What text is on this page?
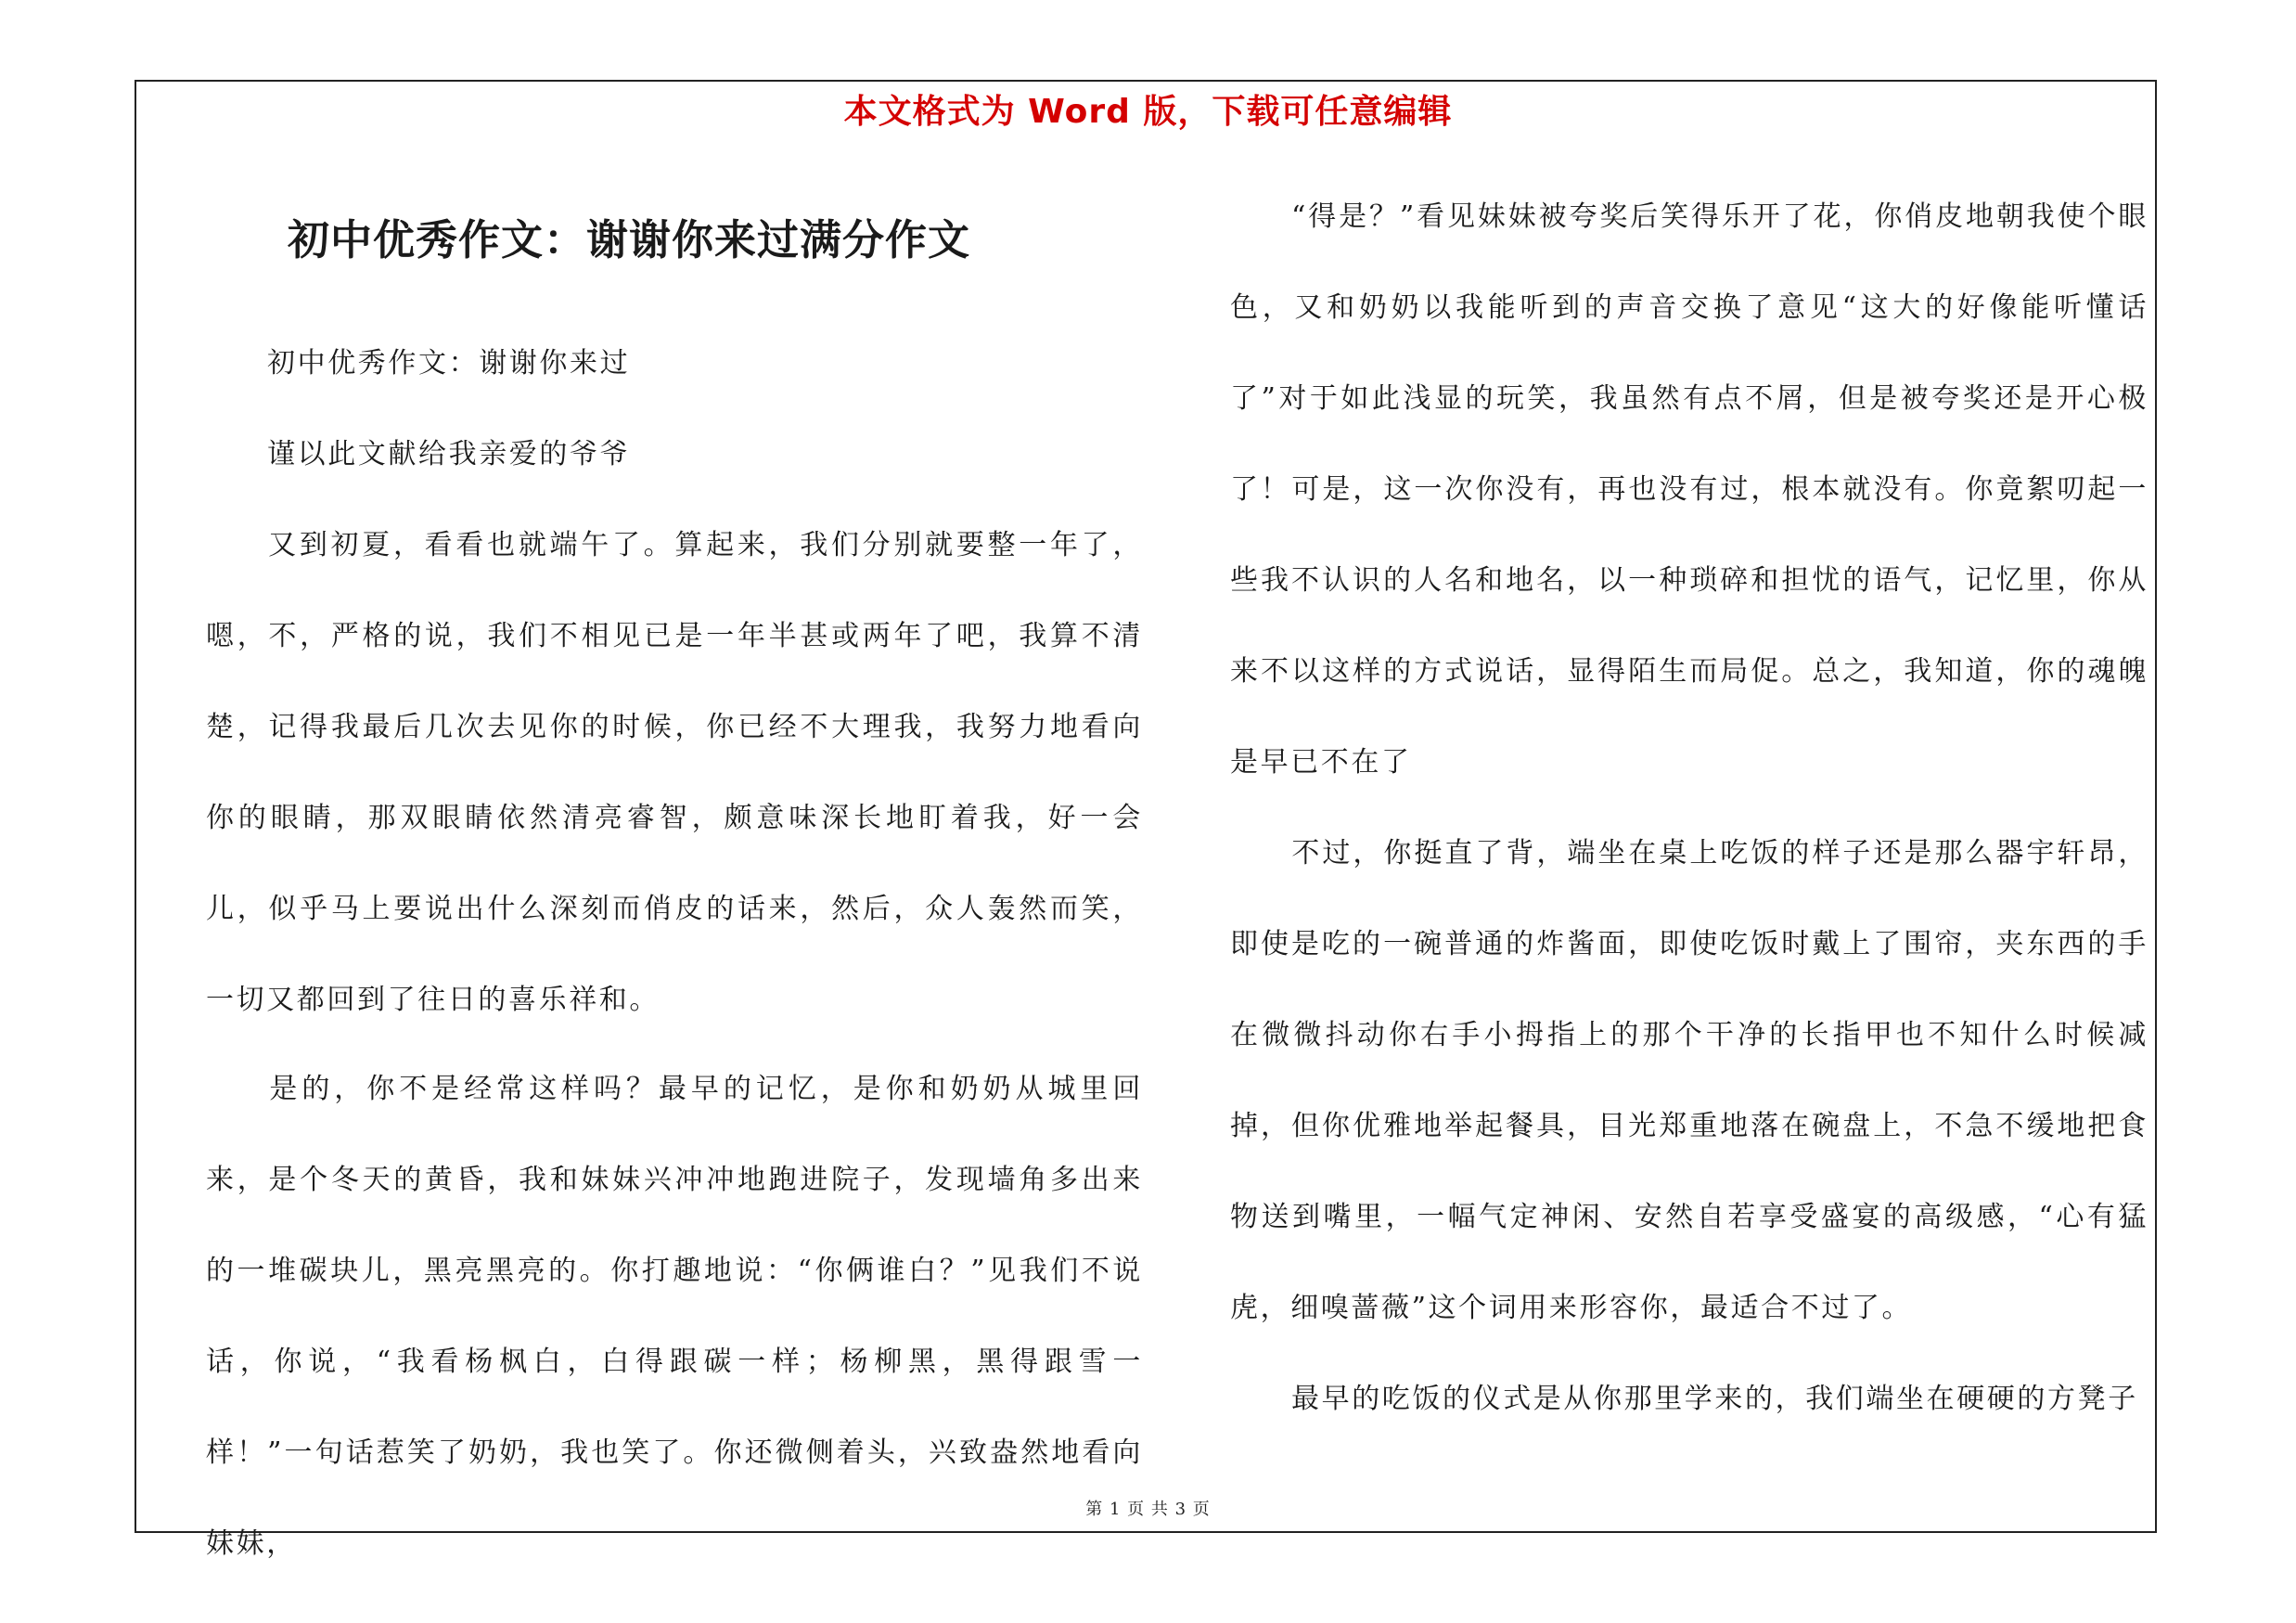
本文格式为 Word 版，下载可任意编辑
初中优秀作文：谢谢你来过满分作文

初中优秀作文：谢谢你来过

谨以此文献给我亲爱的爷爷

又到初夏，看看也就端午了。算起来，我们分别就要整一年了，嗯，不，严格的说，我们不相见已是一年半甚或两年了吧，我算不清楚，记得我最后几次去见你的时候，你已经不大理我，我努力地看向你的眼睛，那双眼睛依然清亮睿智，颇意味深长地盯着我，好一会儿，似乎马上要说出什么深刻而俏皮的话来，然后，众人轰然而笑，一切又都回到了往日的喜乐祥和。

是的，你不是经常这样吗？最早的记忆，是你和奶奶从城里回来，是个冬天的黄昏，我和妹妹兴冲冲地跑进院子，发现墙角多出来的一堆碳块儿，黑亮黑亮的。你打趣地说：“你俩谁白？”见我们不说话，你说，“我看杨枫白，白得跟碳一样；杨柳黑，黑得跟雪一样！”一句话惹笑了奶奶，我也笑了。你还微侧着头，兴致盎然地看向妹妹，

“得是？”看见妹妹被夸奖后笑得乐开了花，你俏皮地朝我使个眼色，又和奶奶以我能听到的声音交换了意见“这大的好像能听懂话了”对于如此浅显的玩笑，我虽然有点不屑，但是被夸奖还是开心极了！ 可是，这一次你没有，再也没有过，根本就没有。你竟絮叨起一些我不认识的人名和地名，以一种琐碎和担忧的语气，记忆里，你从来不以这样的方式说话，显得陌生而局促。总之，我知道，你的魂魄是早已不在了

不过，你挺直了背，端坐在桌上吃饭的样子还是那么器宇轩昂，即使是吃的一碗普通的炸酱面，即使吃饭时戴上了围帘，夹东西的手在微微抖动你右手小拇指上的那个干净的长指甲也不知什么时候减掉，但你优雅地举起餐具，目光郑重地落在碗盘上，不急不缓地把食物送到嘴里，一幅气定神闲、安然自若享受盛宴的高级感，“心有猛虎，细嗅蔷薇”这个词用来形容你，最适合不过了。

最早的吃饭的仪式是从你那里学来的，我们端坐在硬硬的方凳子

第 1 页 共 3 页
